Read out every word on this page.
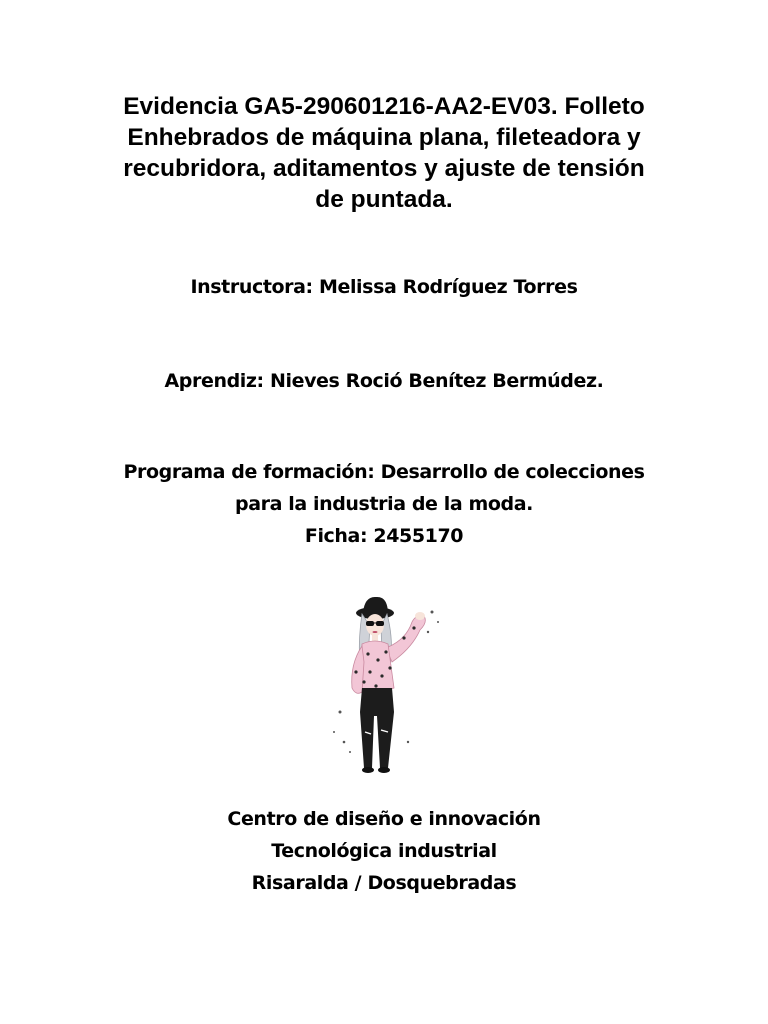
Evidencia GA5-290601216-AA2-EV03. Folleto
Enhebrados de máquina plana, fileteadora y
recubridora, aditamentos y ajuste de tensión
de puntada.
Instructora: Melissa Rodríguez Torres
Aprendiz: Nieves Roció Benítez Bermúdez.
Programa de formación: Desarrollo de colecciones
para la industria de la moda.
Ficha: 2455170
Centro de diseño e innovación
Tecnológica industrial
Risaralda / Dosquebradas
